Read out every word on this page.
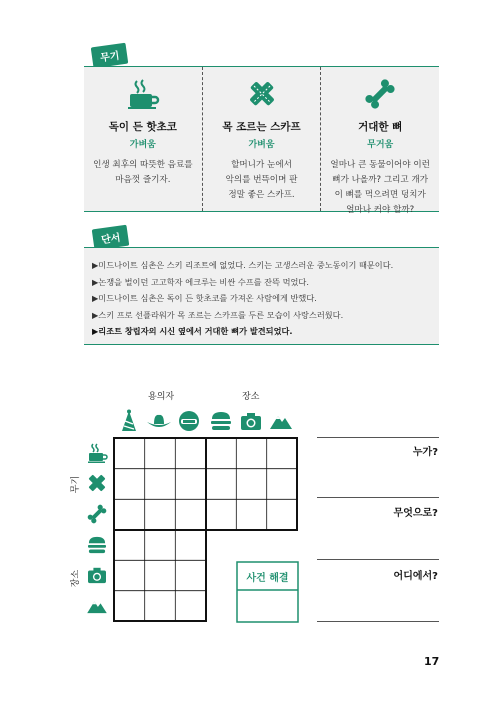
무기
독이 든 핫초코
가벼움
인생 최후의 따뜻한 음료를
마음껏 즐기자.
목 조르는 스카프
가벼움
할머니가 눈에서
악의를 번뜩이며 판
정말 좋은 스카프.
거대한 뼈
무거움
얼마나 큰 동물이어야 이런
뼈가 나올까? 그리고 개가
이 뼈를 먹으려면 덩치가
얼마나 커야 할까?
단서
▶미드나이트 심촌은 스키 리조트에 없었다. 스키는 고생스러운 중노동이기 때문이다.
▶논쟁을 벌이던 고고학자 에크루는 비싼 수프를 잔뜩 먹었다.
▶미드나이트 심촌은 독이 든 핫초코를 가져온 사람에게 반했다.
▶스키 프로 선플라워가 목 조르는 스카프를 두른 모습이 사랑스러웠다.
▶리조트 창립자의 시신 옆에서 거대한 뼈가 발견되었다.
용의자	장소
무기
장소	사건 해결
누가?
무엇으로?
어디에서?
17
